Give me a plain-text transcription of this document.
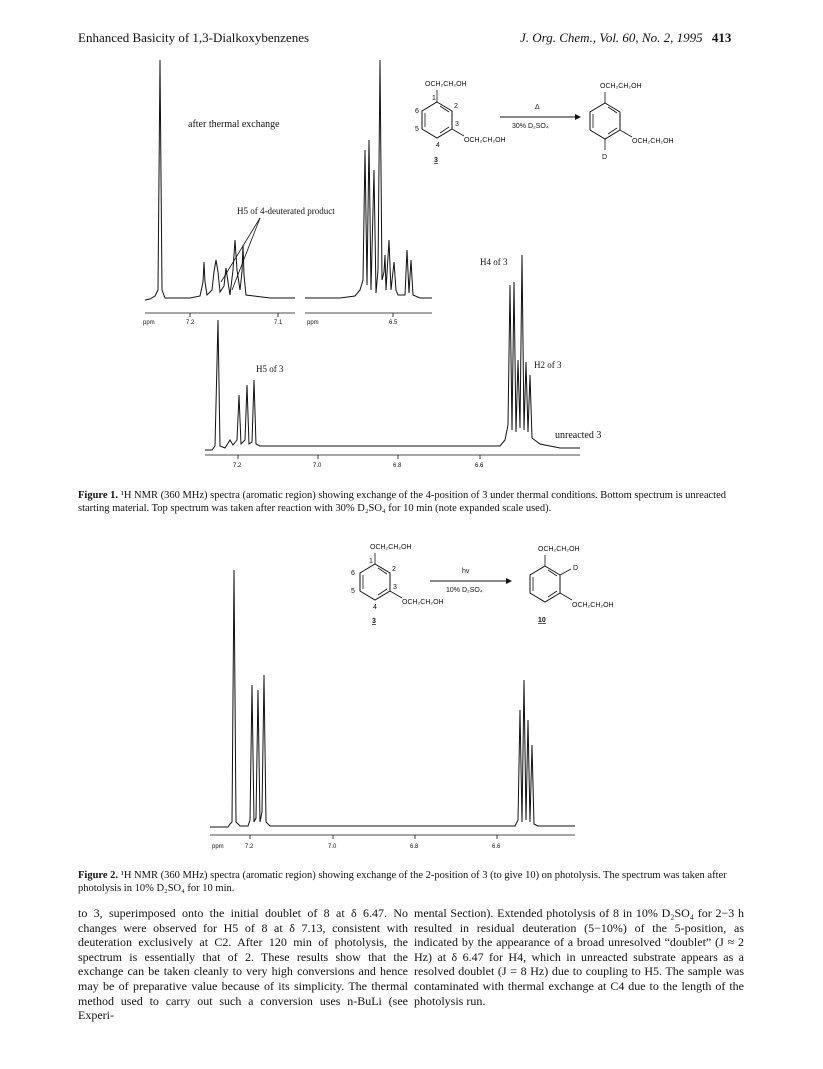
Enhanced Basicity of 1,3-Dialkoxybenzenes	J. Org. Chem., Vol. 60, No. 2, 1995 413
ppm	7.2	7.1
after thermal exchange
H5 of 4-deuterated product
ppm	6.5
7.2	7.0	6.8	6.6
H5 of 3
H4 of 3
H2 of 3
unreacted 3
OCH₂CH₂OH
OCH₂CH₂OH
1
2
3
4
5
6
3
Δ
30% D₂SO₄
OCH₂CH₂OH
OCH₂CH₂OH
D
Figure 1. ¹H NMR (360 MHz) spectra (aromatic region) showing exchange of the 4-position of 3 under thermal conditions. Bottom spectrum is unreacted starting material. Top spectrum was taken after reaction with 30% D₂SO₄ for 10 min (note expanded scale used).
ppm	7.2	7.0	6.8	6.6
OCH₂CH₂OH
OCH₂CH₂OH
1
2
3
4
5
6
3
hv
10% D₂SO₄
OCH₂CH₂OH
D
OCH₂CH₂OH
10
Figure 2. ¹H NMR (360 MHz) spectra (aromatic region) showing exchange of the 2-position of 3 (to give 10) on photolysis. The spectrum was taken after photolysis in 10% D₂SO₄ for 10 min.
to 3, superimposed onto the initial doublet of 8 at δ 6.47. No changes were observed for H5 of 8 at δ 7.13, consistent with deuteration exclusively at C2. After 120 min of photolysis, the spectrum is essentially that of 2. These results show that the exchange can be taken cleanly to very high conversions and hence may be of preparative value because of its simplicity. The thermal method used to carry out such a conversion uses n-BuLi (see Experi-
mental Section). Extended photolysis of 8 in 10% D₂SO₄ for 2−3 h resulted in residual deuteration (5−10%) of the 5-position, as indicated by the appearance of a broad unresolved “doublet” (J ≈ 2 Hz) at δ 6.47 for H4, which in unreacted substrate appears as a resolved doublet (J = 8 Hz) due to coupling to H5. The sample was contaminated with thermal exchange at C4 due to the length of the photolysis run.
